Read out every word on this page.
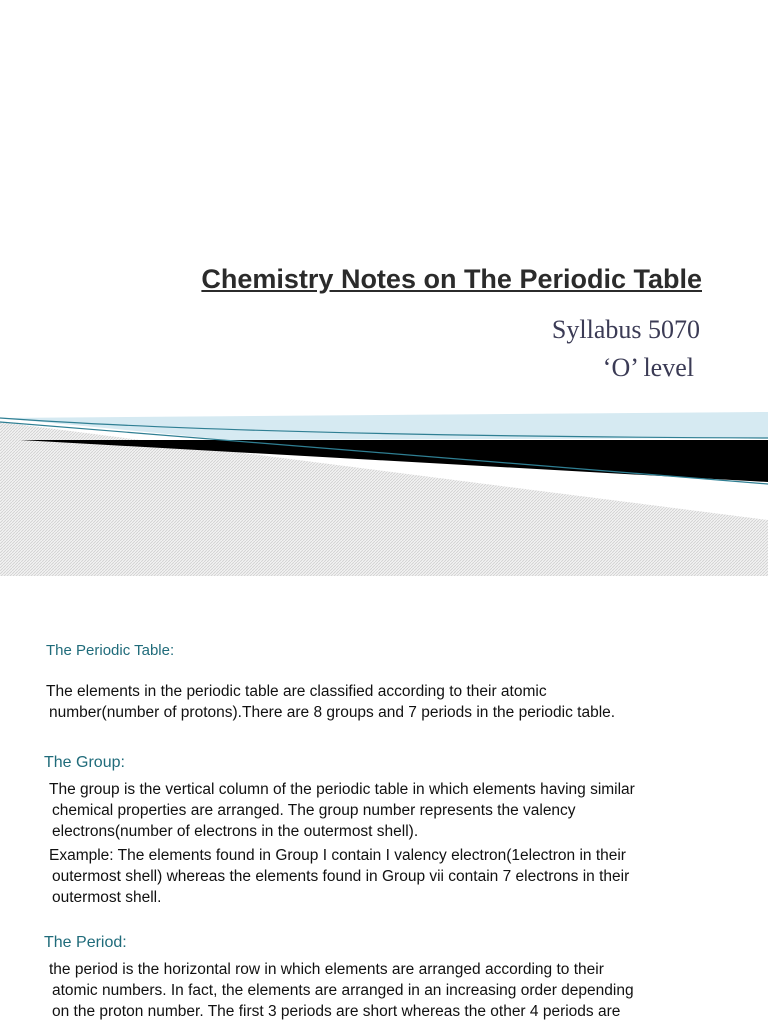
Chemistry Notes on The Periodic Table
Syllabus 5070
‘O’ level
The Periodic Table:
The elements in the periodic table are classified according to their atomic
number(number of protons).There are 8 groups and 7 periods in the periodic table.
The Group:
The group is the vertical column of the periodic table in which elements having similar
chemical properties are arranged. The group number represents the valency
electrons(number of electrons in the outermost shell).
Example: The elements found in Group I contain I valency electron(1electron in their
outermost shell) whereas the elements found in Group vii contain 7 electrons in their
outermost shell.
The Period:
the period is the horizontal row in which elements are arranged according to their
atomic numbers. In fact, the elements are arranged in an increasing order depending
on the proton number. The first 3 periods are short whereas the other 4 periods are
